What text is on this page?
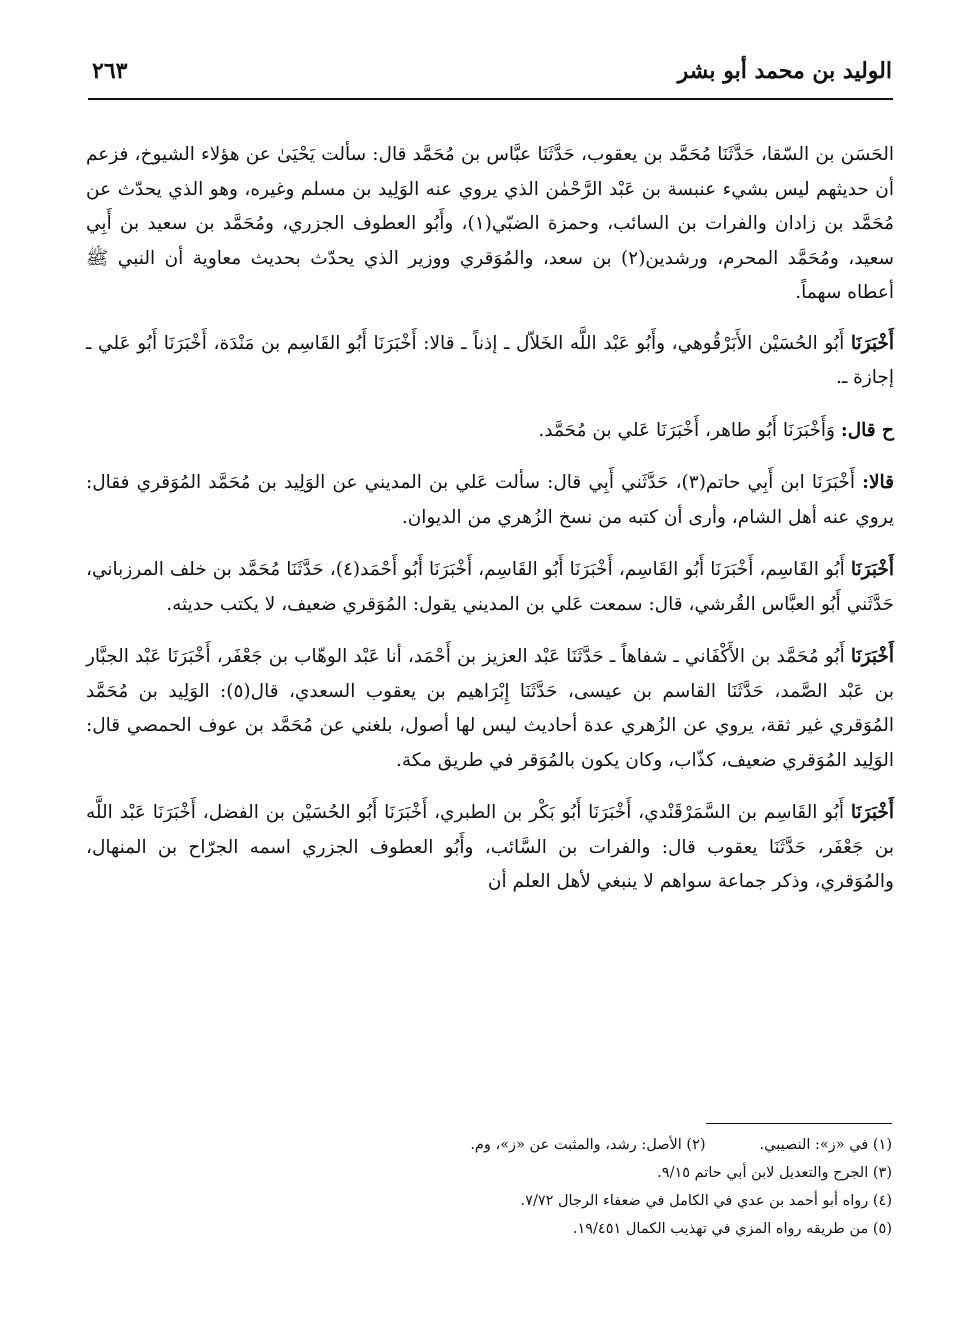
الوليد بن محمد أبو بشر
٢٦٣

الحَسَن بن السّقا، حَدَّثَنَا مُحَمَّد بن يعقوب، حَدَّثَنَا عبَّاس بن مُحَمَّد قال: سألت يَحْيَىٰ عن هؤلاء الشيوخ، فزعم أن حديثهم ليس بشيء عنبسة بن عَبْد الرَّحْمٰن الذي يروي عنه الوَلِيد بن مسلم وغيره، وهو الذي يحدّث عن مُحَمَّد بن زادان والفرات بن السائب، وحمزة الضبّي(١)، وأَبُو العطوف الجزري، ومُحَمَّد بن سعيد بن أَبِي سعيد، ومُحَمَّد المحرم، ورشدين(٢) بن سعد، والمُوَقري ووزير الذي يحدّث بحديث معاوية أن النبي ﷺ أعطاه سهماً.

أَخْبَرَنَا أَبُو الحُسَيْن الأَبَرْقُوهي، وأَبُو عَبْد اللَّه الخَلاّل ـ إذناً ـ قالا: أَخْبَرَنَا أَبُو القَاسِم بن مَنْدَة، أَخْبَرَنَا أَبُو عَلي ـ إجازة ـ.

ح قال: وَأَخْبَرَنَا أَبُو طاهر، أَخْبَرَنَا عَلي بن مُحَمَّد.

قالا: أَخْبَرَنَا ابن أَبِي حاتم(٣)، حَدَّثَني أَبِي قال: سألت عَلي بن المديني عن الوَلِيد بن مُحَمَّد المُوَقري فقال: يروي عنه أهل الشام، وأرى أن كتبه من نسخ الزُهري من الديوان.

أَخْبَرَنَا أَبُو القَاسِم، أَخْبَرَنَا أَبُو القَاسِم، أَخْبَرَنَا أَبُو القَاسِم، أَخْبَرَنَا أَبُو أَحْمَد(٤)، حَدَّثَنَا مُحَمَّد بن خلف المرزباني، حَدَّثَني أَبُو العبَّاس القُرشي، قال: سمعت عَلي بن المديني يقول: المُوَقري ضعيف، لا يكتب حديثه.

أَخْبَرَنَا أَبُو مُحَمَّد بن الأَكْفَاني ـ شفاهاً ـ حَدَّثَنَا عَبْد العزيز بن أَحْمَد، أنا عَبْد الوهّاب بن جَعْفَر، أَخْبَرَنَا عَبْد الجبَّار بن عَبْد الصَّمد، حَدَّثَنَا القاسم بن عيسى، حَدَّثَنَا إِبْرَاهيم بن يعقوب السعدي، قال(٥): الوَلِيد بن مُحَمَّد المُوَقري غير ثقة، يروي عن الزُهري عدة أحاديث ليس لها أصول، بلغني عن مُحَمَّد بن عوف الحمصي قال: الوَلِيد المُوَقري ضعيف، كذّاب، وكان يكون بالمُوَقر في طريق مكة.

أَخْبَرَنَا أَبُو القَاسِم بن السَّمَرْقَنْدي، أَخْبَرَنَا أَبُو بَكْر بن الطبري، أَخْبَرَنَا أَبُو الحُسَيْن بن الفضل، أَخْبَرَنَا عَبْد اللَّه بن جَعْفَر، حَدَّثَنَا يعقوب قال: والفرات بن السَّائب، وأَبُو العطوف الجزري اسمه الجرّاح بن المنهال، والمُوَقري، وذكر جماعة سواهم لا ينبغي لأهل العلم أن

(١) في «ز»: النصيبي.
(٢) الأصل: رشد، والمثبت عن «ز»، وم.
(٣) الجرح والتعديل لابن أبي حاتم ٩/١٥.
(٤) رواه أبو أحمد بن عدي في الكامل في ضعفاء الرجال ٧/٧٢.
(٥) من طريقه رواه المزي في تهذيب الكمال ١٩/٤٥١.
